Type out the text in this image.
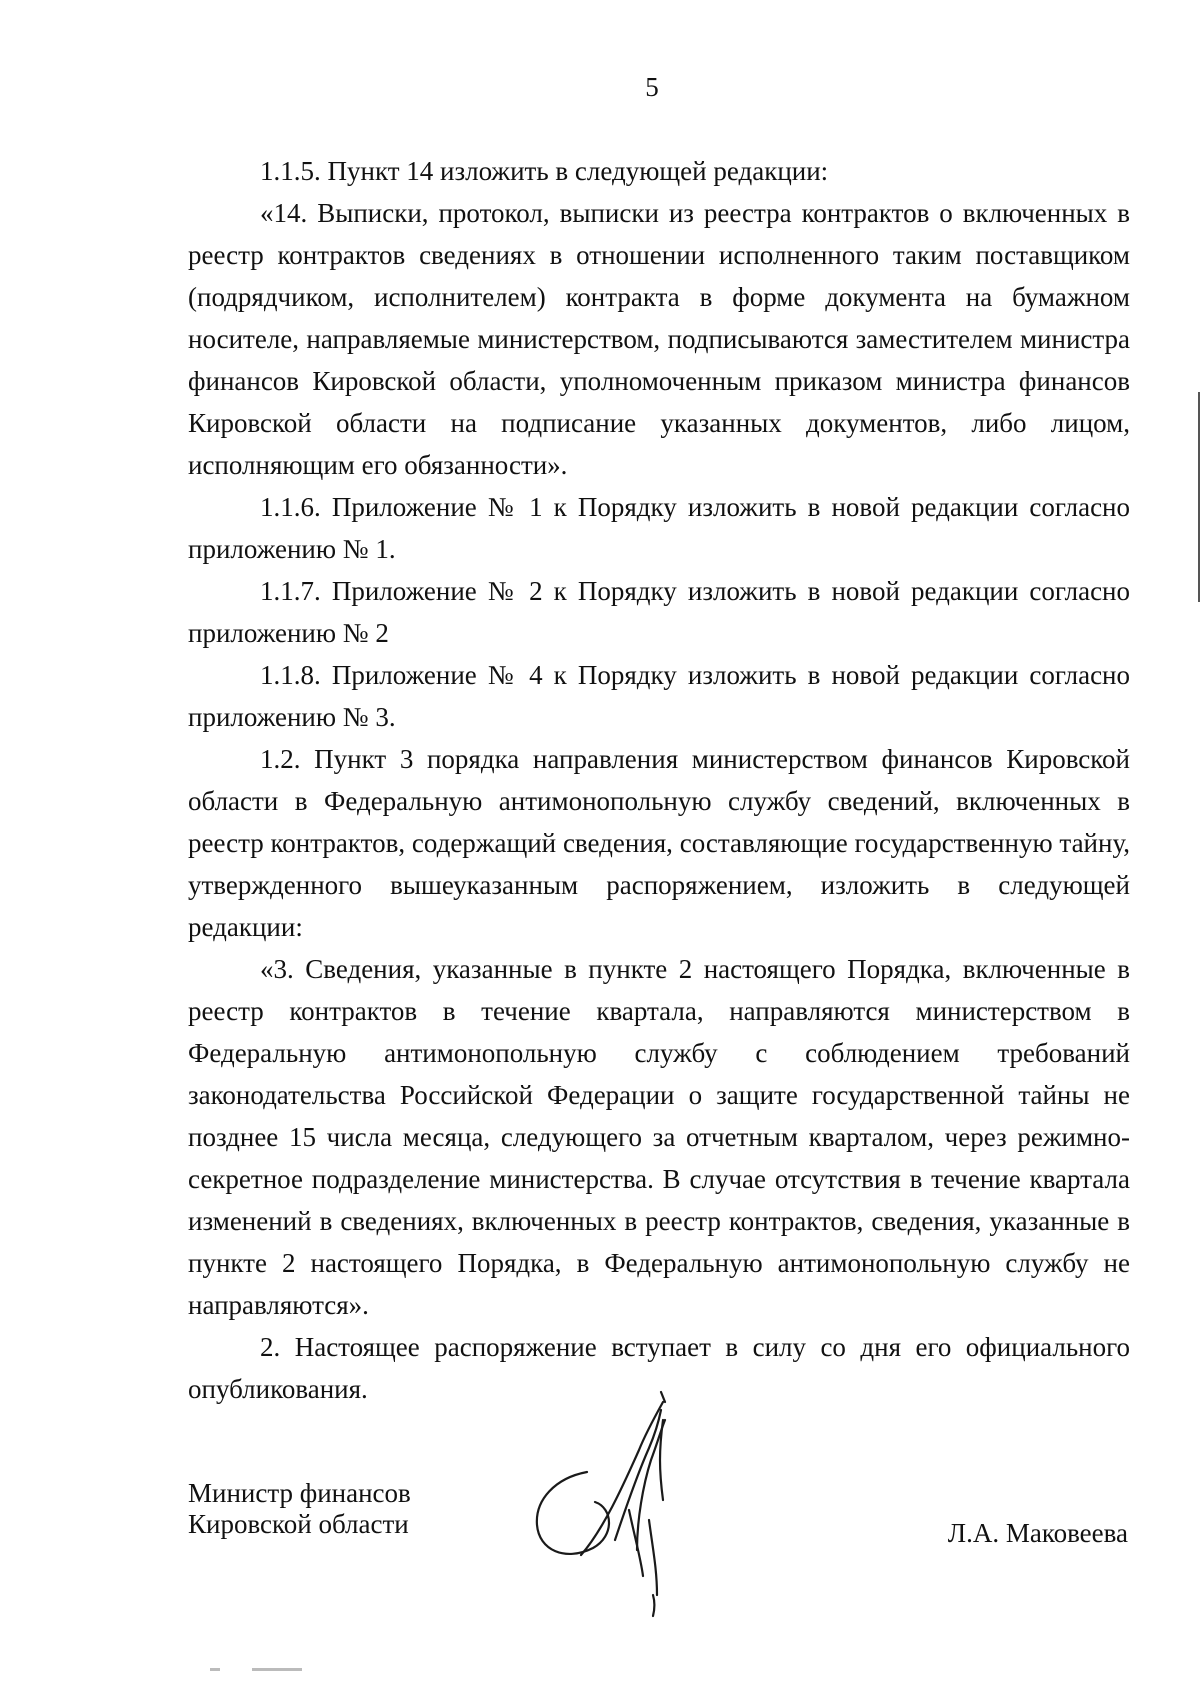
5

1.1.5. Пункт 14 изложить в следующей редакции:

«14. Выписки, протокол, выписки из реестра контрактов о включенных в реестр контрактов сведениях в отношении исполненного таким поставщиком (подрядчиком, исполнителем) контракта в форме документа на бумажном носителе, направляемые министерством, подписываются заместителем министра финансов Кировской области, уполномоченным приказом министра финансов Кировской области на подписание указанных документов, либо лицом, исполняющим его обязанности».

1.1.6. Приложение № 1 к Порядку изложить в новой редакции согласно приложению № 1.

1.1.7. Приложение № 2 к Порядку изложить в новой редакции согласно приложению № 2

1.1.8. Приложение № 4 к Порядку изложить в новой редакции согласно приложению № 3.

1.2. Пункт 3 порядка направления министерством финансов Кировской области в Федеральную антимонопольную службу сведений, включенных в реестр контрактов, содержащий сведения, составляющие государственную тайну, утвержденного вышеуказанным распоряжением, изложить в следующей редакции:

«3. Сведения, указанные в пункте 2 настоящего Порядка, включенные в реестр контрактов в течение квартала, направляются министерством в Федеральную антимонопольную службу с соблюдением требований законодательства Российской Федерации о защите государственной тайны не позднее 15 числа месяца, следующего за отчетным кварталом, через режимно-секретное подразделение министерства. В случае отсутствия в течение квартала изменений в сведениях, включенных в реестр контрактов, сведения, указанные в пункте 2 настоящего Порядка, в Федеральную антимонопольную службу не направляются».

2. Настоящее распоряжение вступает в силу со дня его официального опубликования.

Министр финансов
Кировской области	Л.А. Маковеева
